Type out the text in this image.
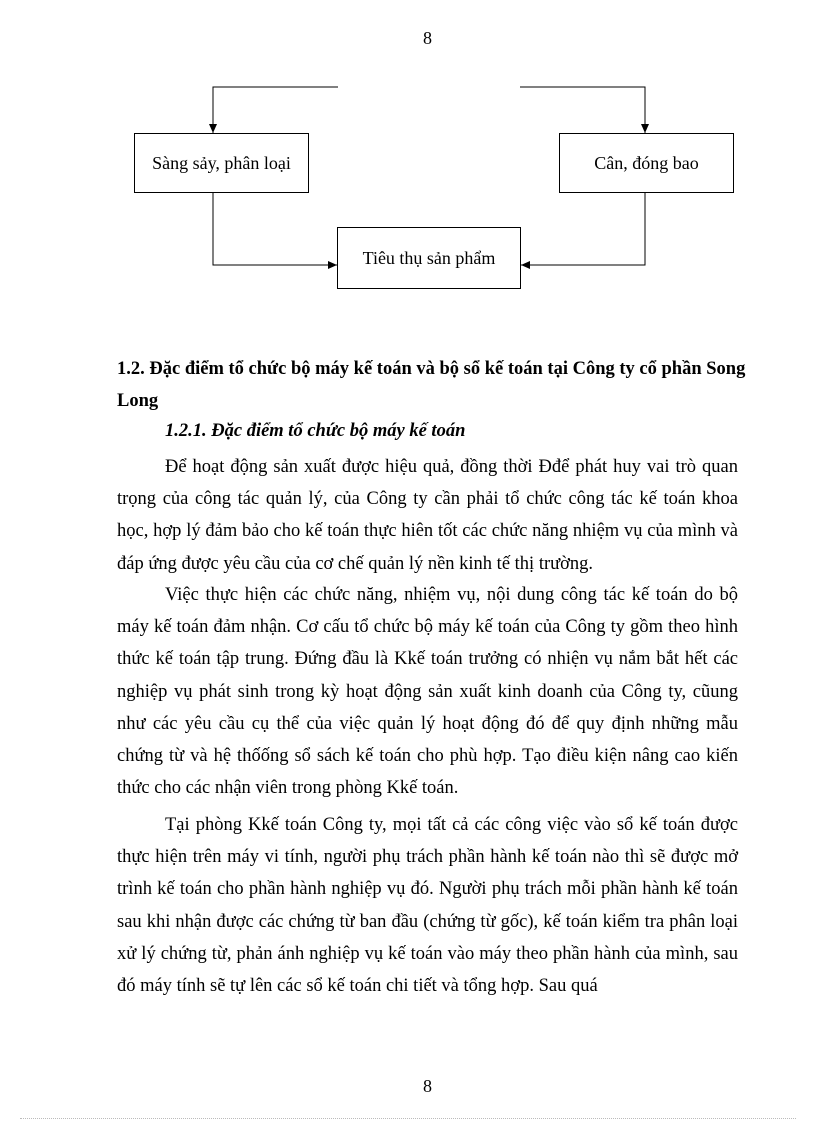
8
Sàng sảy, phân loại	Cân, đóng bao
Tiêu thụ sản phẩm

1.2. Đặc điểm tổ chức bộ máy kế toán và bộ sổ kế toán tại Công ty cổ phần Song Long

1.2.1. Đặc điểm tổ chức bộ máy kế toán

Để hoạt động sản xuất được hiệu quả, đồng thời Đđể phát huy vai trò quan trọng của công tác quản lý, của Công ty cần phải tổ chức công tác kế toán khoa học, hợp lý đảm bảo cho kế toán thực hiên tốt các chức năng nhiệm vụ của mình và đáp ứng được yêu cầu của cơ chế quản lý nền kinh tế thị trường.

Việc thực hiện các chức năng, nhiệm vụ, nội dung công tác kế toán do bộ máy kế toán đảm nhận. Cơ cấu tổ chức bộ máy kế toán của Công ty gồm theo hình thức kế toán tập trung. Đứng đầu là Kkế toán trưởng có nhiện vụ nắm bắt hết các nghiệp vụ phát sinh trong kỳ hoạt động sản xuất kinh doanh của Công ty, cũung như các yêu cầu cụ thể của việc quản lý hoạt động đó để quy định những mẫu chứng từ và hệ thốống sổ sách kế toán cho phù hợp. Tạo điều kiện nâng cao kiến thức cho các nhận viên trong phòng Kkế toán.

Tại phòng Kkế toán Công ty, mọi tất cả các công việc vào sổ kế toán được thực hiện trên máy vi tính, người phụ trách phần hành kế toán nào thì sẽ được mở trình kế toán cho phần hành nghiệp vụ đó. Người phụ trách mỗi phần hành kế toán sau khi nhận được các chứng từ ban đầu (chứng từ gốc), kế toán kiểm tra phân loại xử lý chứng từ, phản ánh nghiệp vụ kế toán vào máy theo phần hành của mình, sau đó máy tính sẽ tự lên các sổ kế toán chi tiết và tổng hợp. Sau quá

8
